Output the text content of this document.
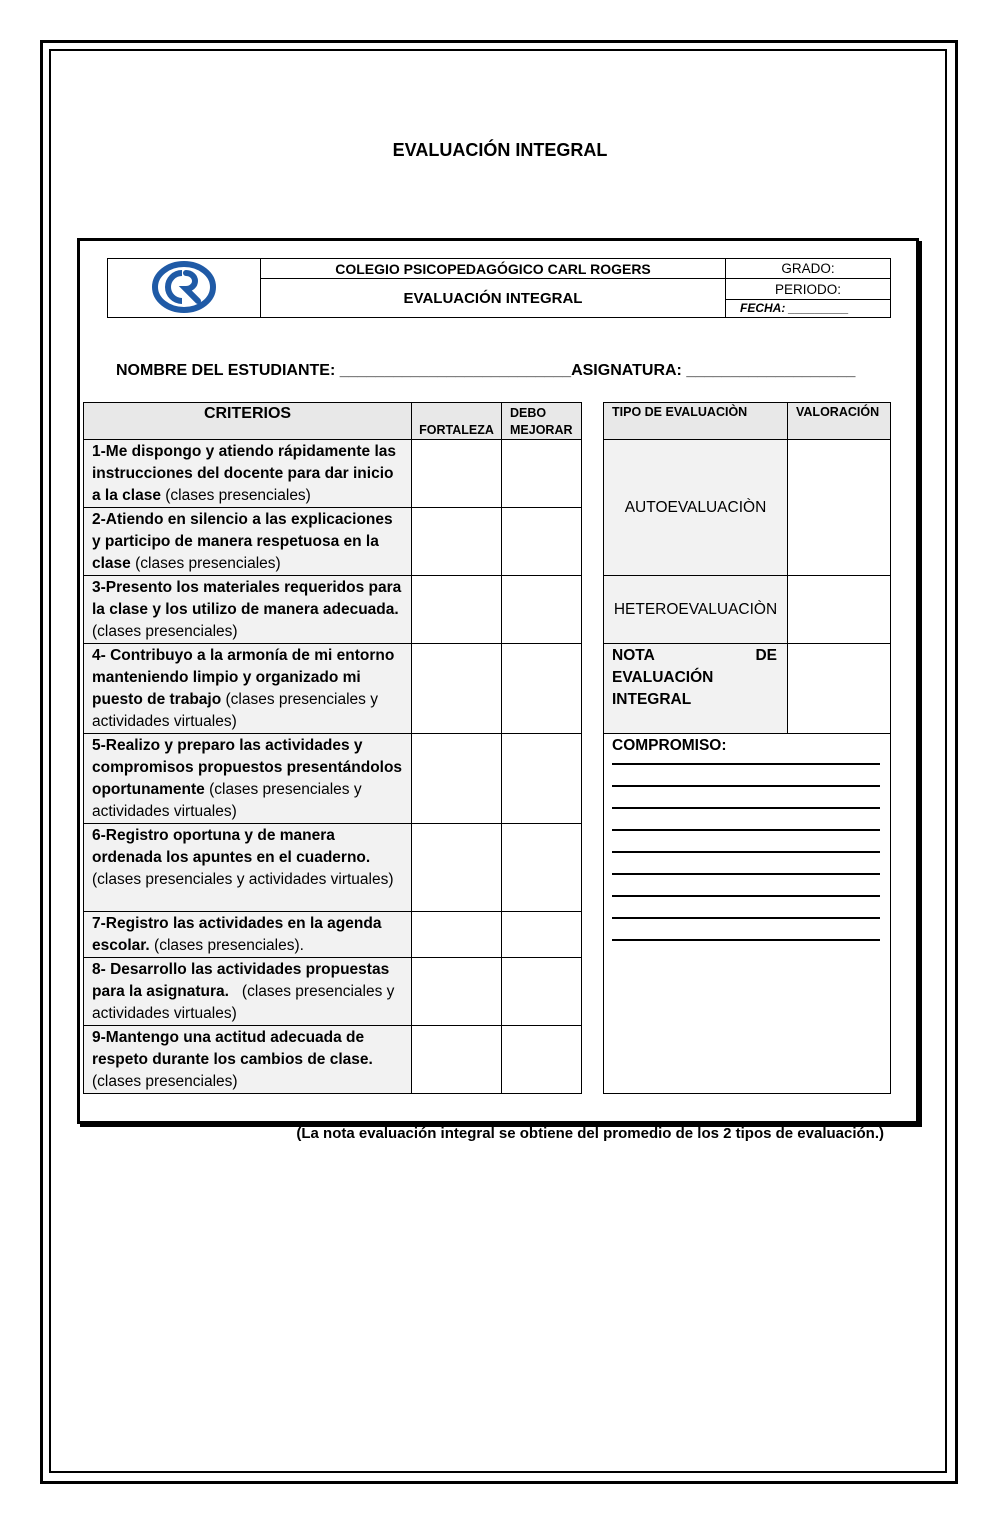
EVALUACIÓN INTEGRAL
	COLEGIO PSICOPEDAGÓGICO CARL ROGERS	GRADO:
	EVALUACIÓN INTEGRAL	PERIODO:
		FECHA: _________
NOMBRE DEL ESTUDIANTE: __________________________ASIGNATURA: ___________________
CRITERIOS	FORTALEZA	DEBO MEJORAR		TIPO DE EVALUACIÒN	VALORACIÓN
1-Me dispongo y atiendo rápidamente las instrucciones del docente para dar inicio a la clase (clases presenciales)				AUTOEVALUACIÒN	
2-Atiendo en silencio a las explicaciones y participo de manera respetuosa en la clase (clases presenciales)					
3-Presento los materiales requeridos para la clase y los utilizo de manera adecuada. (clases presenciales)				HETEROEVALUACIÒN	
4- Contribuyo a la armonía de mi entorno manteniendo limpio y organizado mi puesto de trabajo (clases presenciales y actividades virtuales)				NOTA DE
EVALUACIÓN
INTEGRAL	

5-Realizo y preparo las actividades y compromisos propuestos presentándolos oportunamente (clases presenciales y actividades virtuales)				COMPROMISO:	

6-Registro oportuna y de manera ordenada los apuntes en el cuaderno. (clases presenciales y actividades virtuales)					
7-Registro las actividades en la agenda escolar. (clases presenciales).					
8- Desarrollo las actividades propuestas para la asignatura.   (clases presenciales y actividades virtuales)					
9-Mantengo una actitud adecuada de respeto durante los cambios de clase. (clases presenciales)					
(La nota evaluación integral se obtiene del promedio de los 2 tipos de evaluación.)
